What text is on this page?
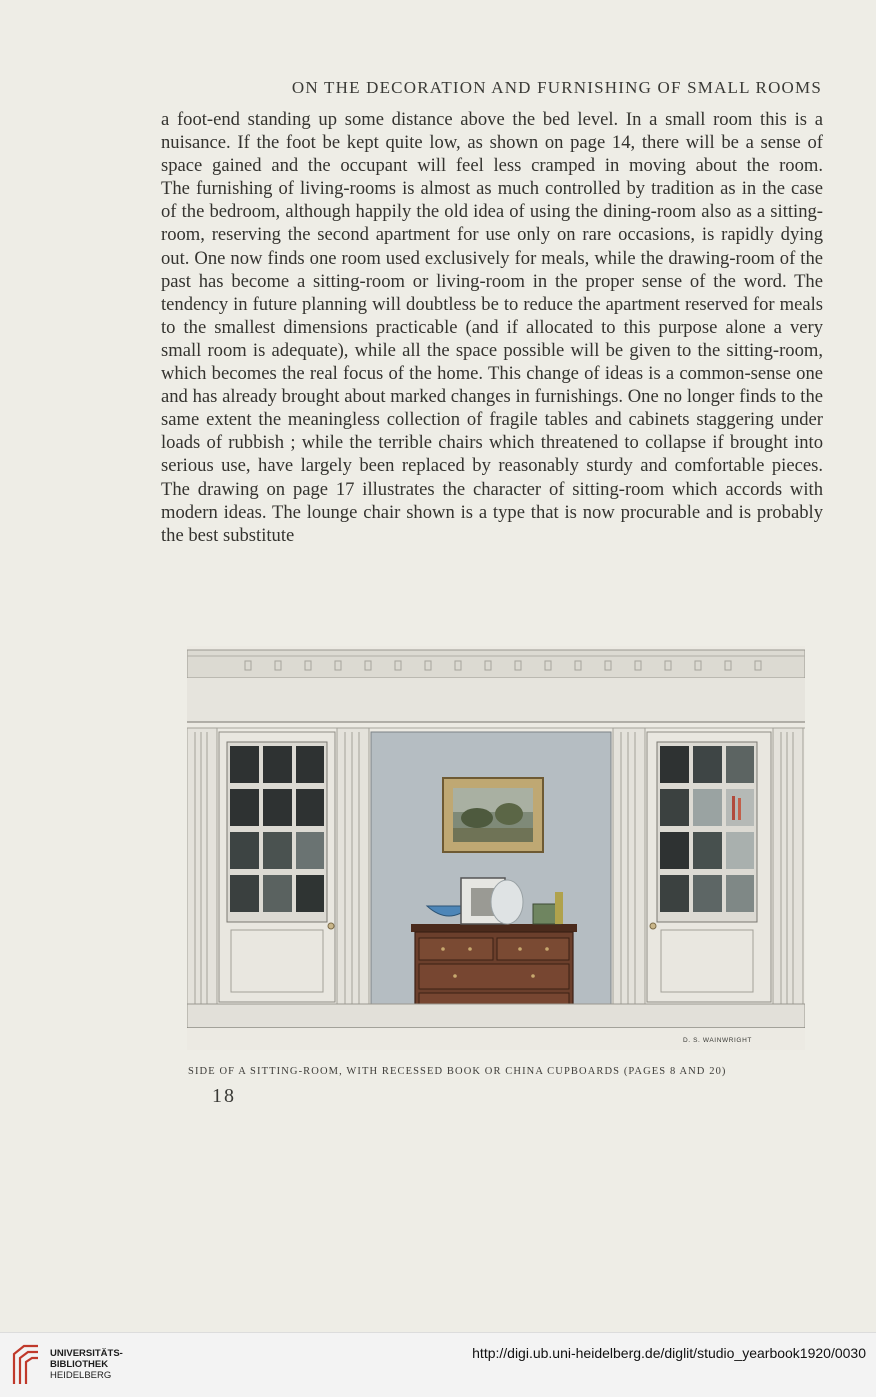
ON THE DECORATION AND FURNISHING OF SMALL ROOMS

a foot-end standing up some distance above the bed level. In a small room this is a nuisance. If the foot be kept quite low, as shown on page 14, there will be a sense of space gained and the occupant will feel less cramped in moving about the room.

The furnishing of living-rooms is almost as much controlled by tradition as in the case of the bedroom, although happily the old idea of using the dining-room also as a sitting-room, reserving the second apartment for use only on rare occasions, is rapidly dying out. One now finds one room used exclusively for meals, while the drawing-room of the past has become a sitting-room or living-room in the proper sense of the word. The tendency in future planning will doubtless be to reduce the apartment reserved for meals to the smallest dimensions practicable (and if allocated to this purpose alone a very small room is adequate), while all the space possible will be given to the sitting-room, which becomes the real focus of the home. This change of ideas is a common-sense one and has already brought about marked changes in furnishings. One no longer finds to the same extent the meaningless collection of fragile tables and cabinets staggering under loads of rubbish ; while the terrible chairs which threatened to collapse if brought into serious use, have largely been replaced by reasonably sturdy and comfortable pieces. The drawing on page 17 illustrates the character of sitting-room which accords with modern ideas. The lounge chair shown is a type that is now procurable and is probably the best substitute

D. S. WAINWRIGHT
SIDE OF A SITTING-ROOM, WITH RECESSED BOOK OR CHINA CUPBOARDS (PAGES 8 AND 20)
18
UNIVERSITÄTS-
BIBLIOTHEK
HEIDELBERG
http://digi.ub.uni-heidelberg.de/diglit/studio_yearbook1920/0030
